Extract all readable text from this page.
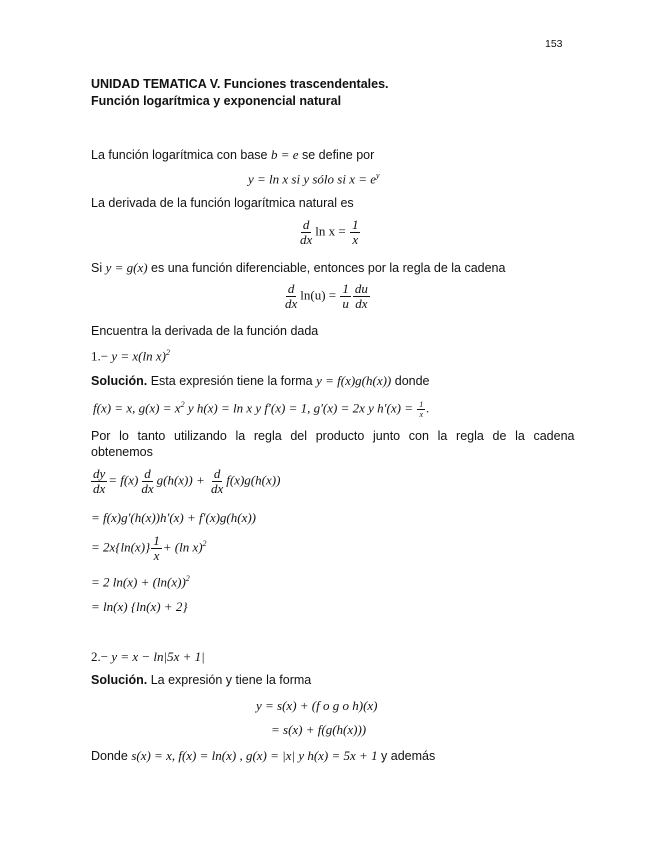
153
UNIDAD TEMATICA V. Funciones trascendentales.
Función logarítmica y exponencial natural
La función logarítmica con base b = e se define por
y = ln x si y sólo si $x = e^y$
La derivada de la función logarítmica natural es
$\frac{d}{dx}$ $\ln x = \frac{1}{x}$
Si y = g(x) es una función diferenciable, entonces por la regla de la cadena
$\frac{d}{dx} \ln(u) = \frac{1}{u} \frac{du}{dx}$
Encuentra la derivada de la función dada
1.− y = x(ln x)$^2$
Solución. Esta expresión tiene la forma y = f(x)g(h(x)) donde
f(x) = x, $g(x) = x^2$ y h(x) = ln x y f′(x) = 1, g′(x) = 2x y $h'(x) = \frac{1}{x}$ .
Por lo tanto utilizando la regla del producto junto con la regla de la cadena
obtenemos
$\frac{dy}{dx} = f(x) \frac{d}{dx} g(h(x)) + \frac{d}{dx} f(x)g(h(x))$
= f(x)g′(h(x))h′(x) + f′(x)g(h(x))
= $2x\{\ln(x)\} \frac{1}{x} + (\ln$ x)$^2$
= 2 $\ln(x) + (\ln(x))^2$
= ln(x) {ln(x) + 2}
2.− y = x − ln|5x + 1|
Solución. La expresión y tiene la forma
y = s(x) + (f o g o h)(x)
= s(x) + f(g(h(x)))
Donde s(x) = x, f(x) = ln(x) , g(x) = |x| y h(x) = 5x + 1 y además
